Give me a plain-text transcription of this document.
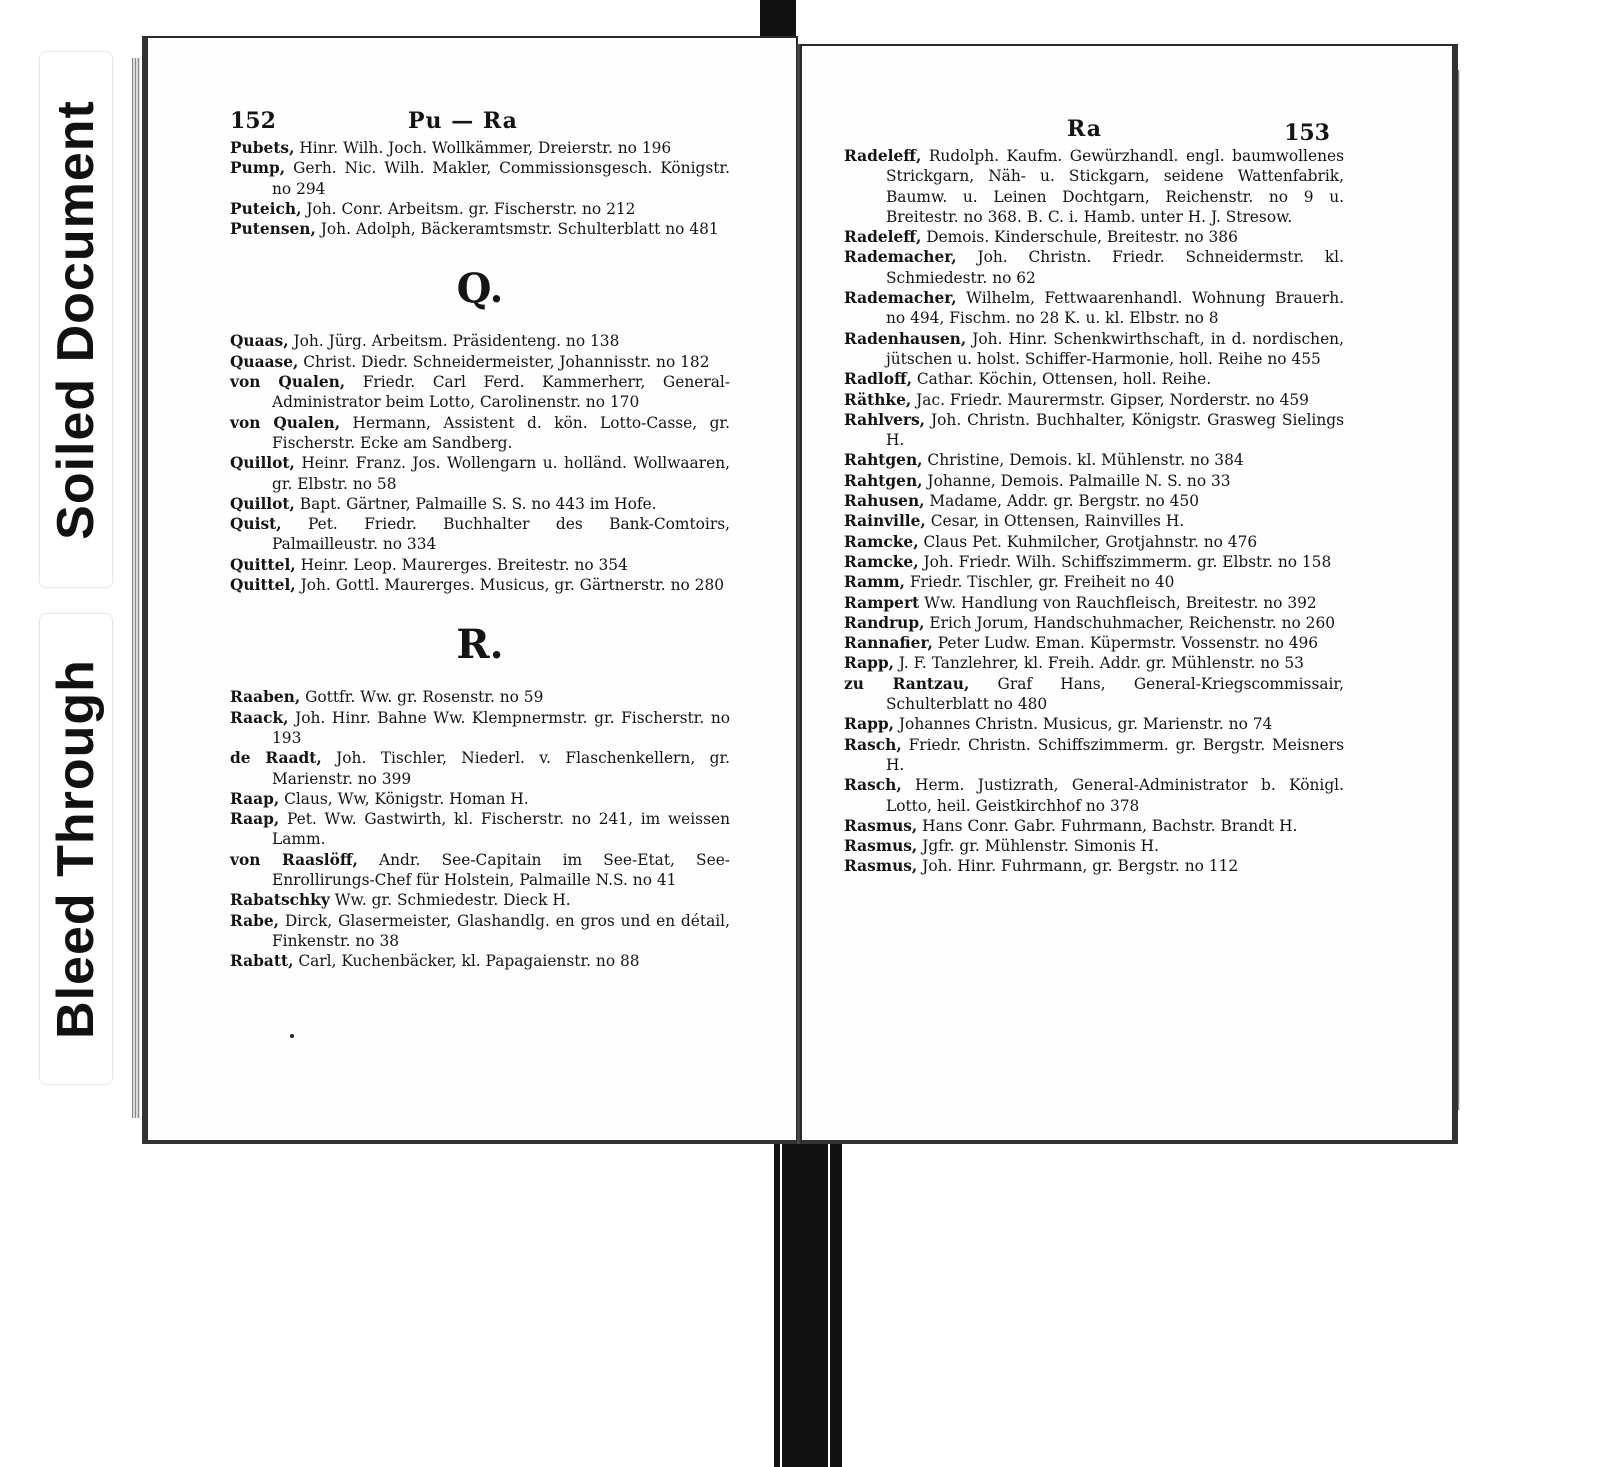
Soiled Document
Bleed Through
152	Pu — Ra

Pubets, Hinr. Wilh. Joch. Wollkämmer, Dreierstr. no 196

Pump, Gerh. Nic. Wilh. Makler, Commissionsgesch. Königstr. no 294

Puteich, Joh. Conr. Arbeitsm. gr. Fischerstr. no 212

Putensen, Joh. Adolph, Bäckeramtsmstr. Schulterblatt no 481

Q.

Quaas, Joh. Jürg. Arbeitsm. Präsidenteng. no 138

Quaase, Christ. Diedr. Schneidermeister, Johannisstr. no 182

von Qualen, Friedr. Carl Ferd. Kammerherr, General-Administrator beim Lotto, Carolinenstr. no 170

von Qualen, Hermann, Assistent d. kön. Lotto-Casse, gr. Fischerstr. Ecke am Sandberg.

Quillot, Heinr. Franz. Jos. Wollengarn u. holländ. Wollwaaren, gr. Elbstr. no 58

Quillot, Bapt. Gärtner, Palmaille S. S. no 443 im Hofe.

Quist, Pet. Friedr. Buchhalter des Bank-Comtoirs, Palmailleustr. no 334

Quittel, Heinr. Leop. Maurerges. Breitestr. no 354

Quittel, Joh. Gottl. Maurerges. Musicus, gr. Gärtnerstr. no 280

R.

Raaben, Gottfr. Ww. gr. Rosenstr. no 59

Raack, Joh. Hinr. Bahne Ww. Klempnermstr. gr. Fischerstr. no 193

de Raadt, Joh. Tischler, Niederl. v. Flaschenkellern, gr. Marienstr. no 399

Raap, Claus, Ww, Königstr. Homan H.

Raap, Pet. Ww. Gastwirth, kl. Fischerstr. no 241, im weissen Lamm.

von Raaslöff, Andr. See-Capitain im See-Etat, See-Enrollirungs-Chef für Holstein, Palmaille N.S. no 41

Rabatschky Ww. gr. Schmiedestr. Dieck H.

Rabe, Dirck, Glasermeister, Glashandlg. en gros und en détail, Finkenstr. no 38

Rabatt, Carl, Kuchenbäcker, kl. Papagaienstr. no 88

Ra	153

Radeleff, Rudolph. Kaufm. Gewürzhandl. engl. baumwollenes Strickgarn, Näh- u. Stickgarn, seidene Wattenfabrik, Baumw. u. Leinen Dochtgarn, Reichenstr. no 9 u. Breitestr. no 368. B. C. i. Hamb. unter H. J. Stresow.

Radeleff, Demois. Kinderschule, Breitestr. no 386

Rademacher, Joh. Christn. Friedr. Schneidermstr. kl. Schmiedestr. no 62

Rademacher, Wilhelm, Fettwaarenhandl. Wohnung Brauerh. no 494, Fischm. no 28 K. u. kl. Elbstr. no 8

Radenhausen, Joh. Hinr. Schenkwirthschaft, in d. nordischen, jütschen u. holst. Schiffer-Harmonie, holl. Reihe no 455

Radloff, Cathar. Köchin, Ottensen, holl. Reihe.

Räthke, Jac. Friedr. Maurermstr. Gipser, Norderstr. no 459

Rahlvers, Joh. Christn. Buchhalter, Königstr. Grasweg Sielings H.

Rahtgen, Christine, Demois. kl. Mühlenstr. no 384

Rahtgen, Johanne, Demois. Palmaille N. S. no 33

Rahusen, Madame, Addr. gr. Bergstr. no 450

Rainville, Cesar, in Ottensen, Rainvilles H.

Ramcke, Claus Pet. Kuhmilcher, Grotjahnstr. no 476

Ramcke, Joh. Friedr. Wilh. Schiffszimmerm. gr. Elbstr. no 158

Ramm, Friedr. Tischler, gr. Freiheit no 40

Rampert Ww. Handlung von Rauchfleisch, Breitestr. no 392

Randrup, Erich Jorum, Handschuhmacher, Reichenstr. no 260

Rannafier, Peter Ludw. Eman. Küpermstr. Vossenstr. no 496

Rapp, J. F. Tanzlehrer, kl. Freih. Addr. gr. Mühlenstr. no 53

zu Rantzau, Graf Hans, General-Kriegscommissair, Schulterblatt no 480

Rapp, Johannes Christn. Musicus, gr. Marienstr. no 74

Rasch, Friedr. Christn. Schiffszimmerm. gr. Bergstr. Meisners H.

Rasch, Herm. Justizrath, General-Administrator b. Königl. Lotto, heil. Geistkirchhof no 378

Rasmus, Hans Conr. Gabr. Fuhrmann, Bachstr. Brandt H.

Rasmus, Jgfr. gr. Mühlenstr. Simonis H.

Rasmus, Joh. Hinr. Fuhrmann, gr. Bergstr. no 112
